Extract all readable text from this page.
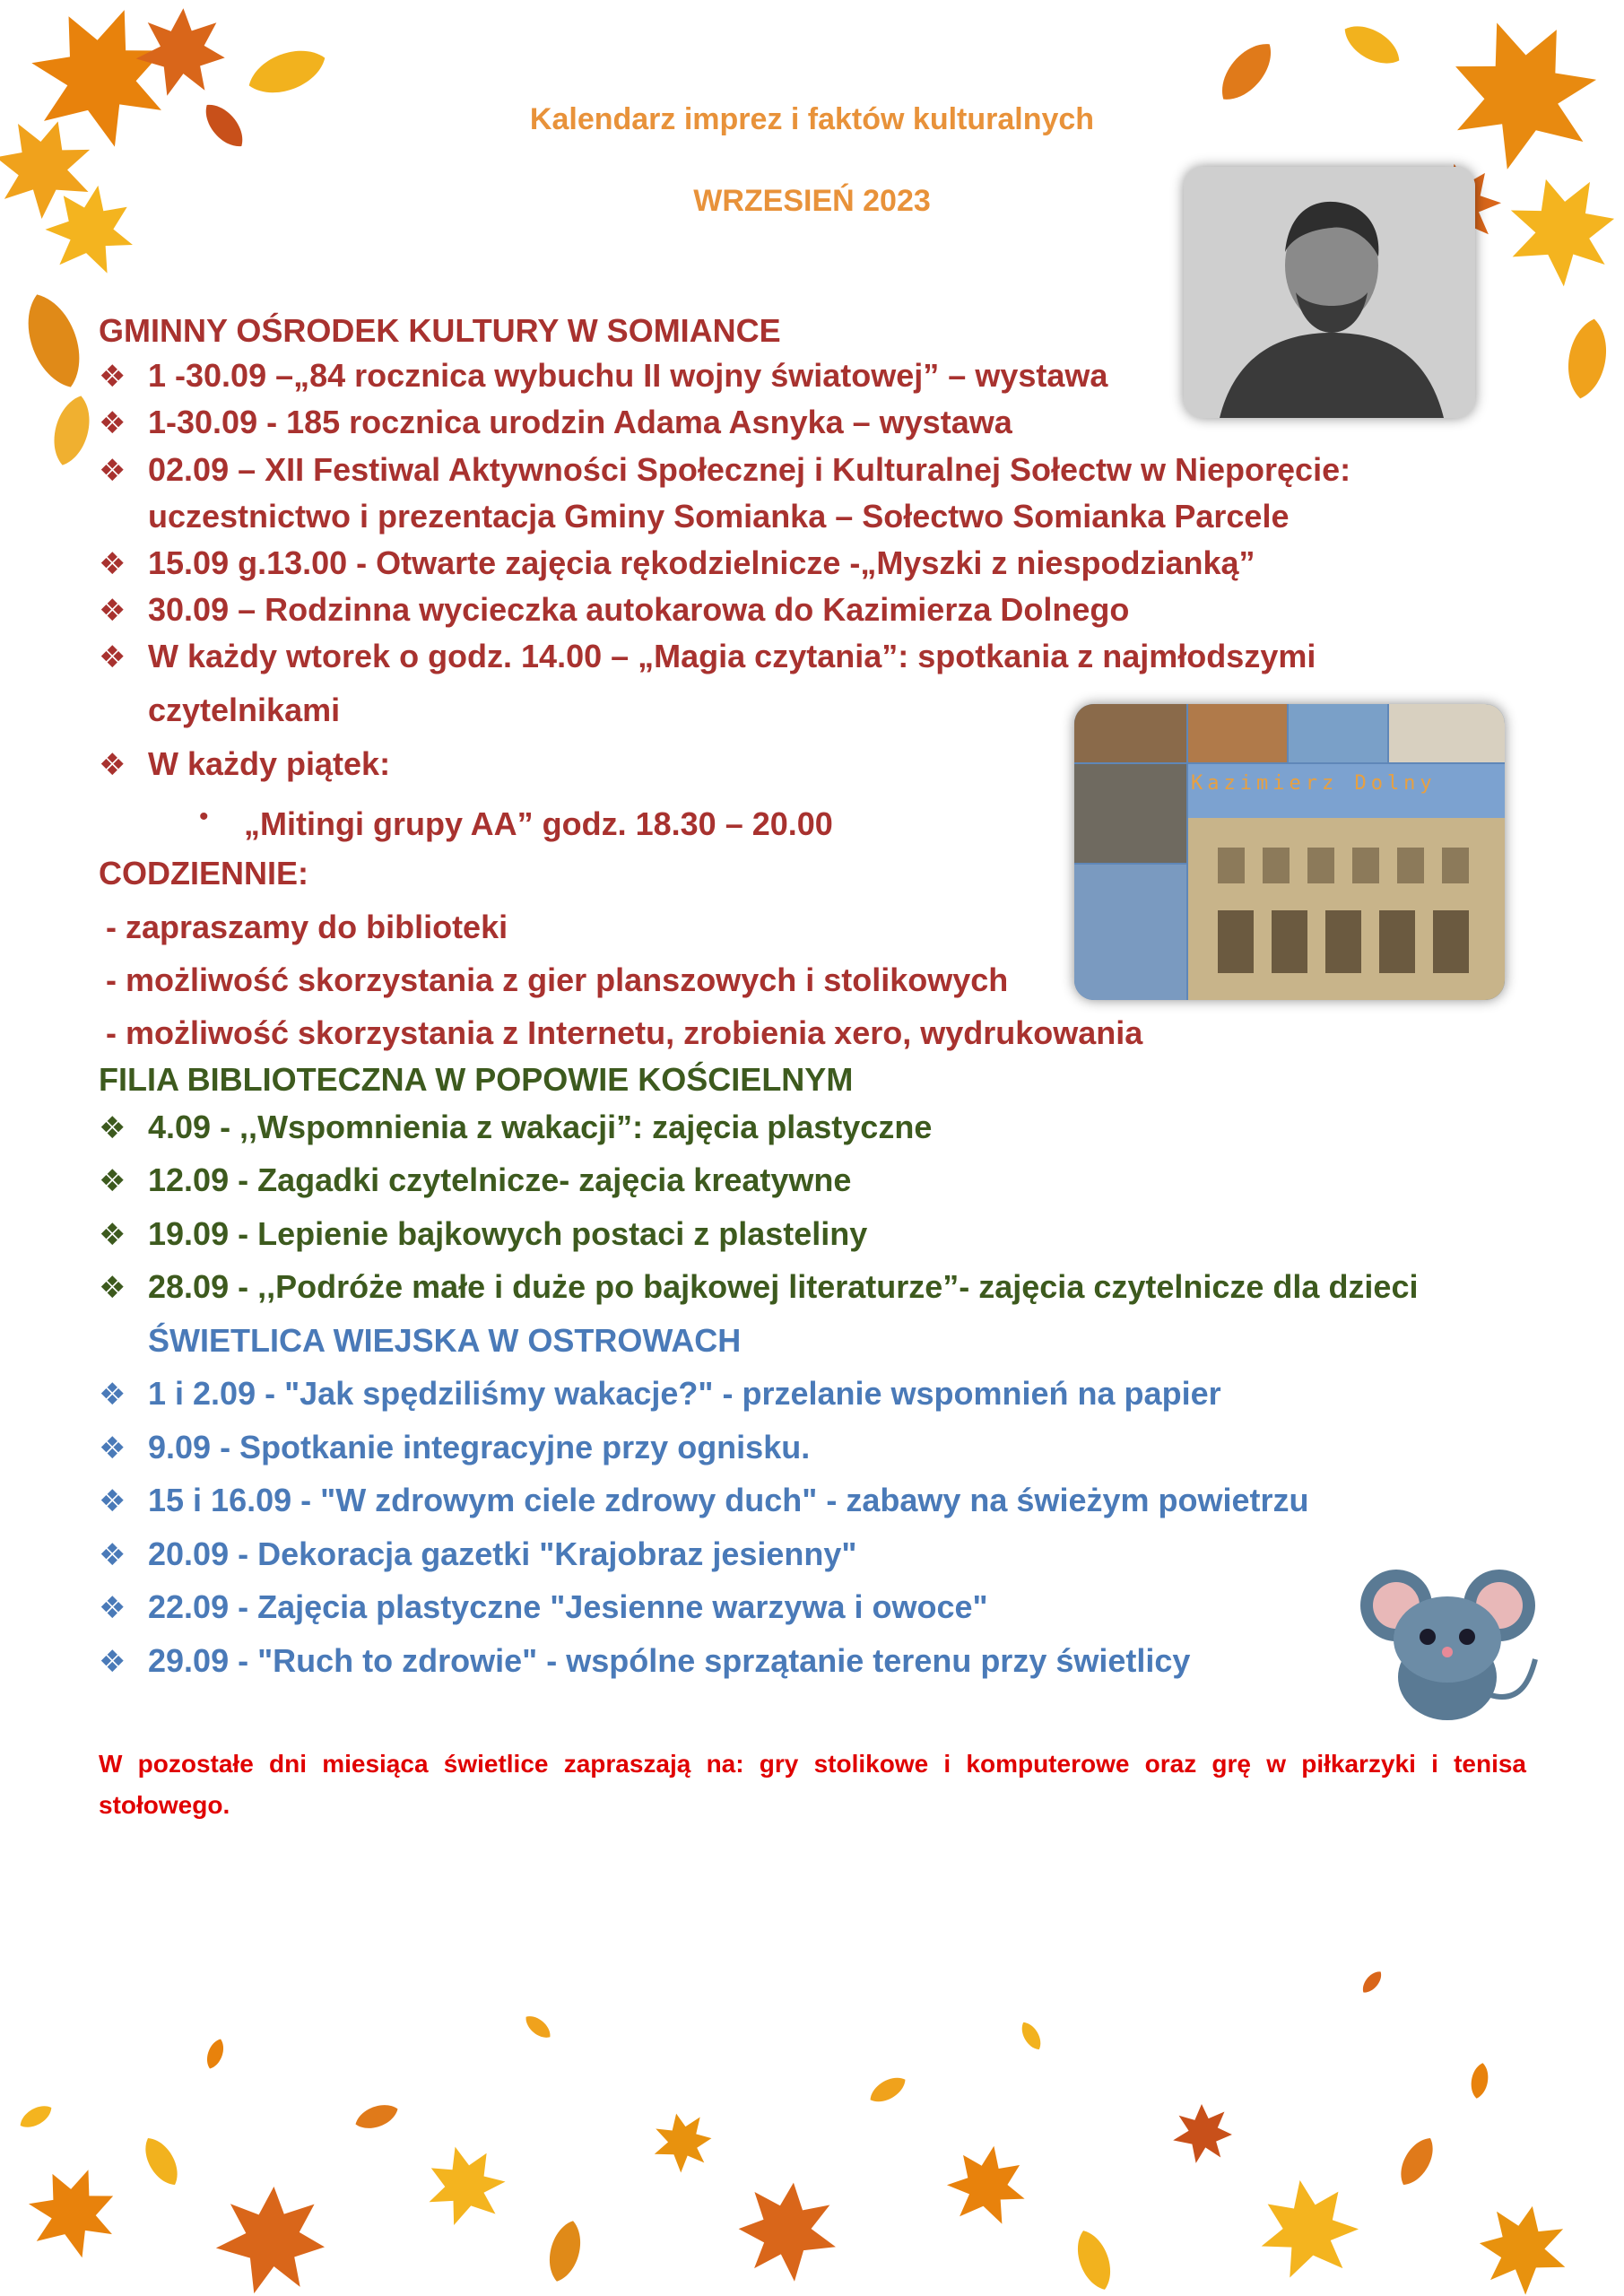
Kalendarz imprez i faktów kulturalnych
WRZESIEŃ 2023
Kazimierz Dolny
GMINNY OŚRODEK KULTURY W SOMIANCE
❖ 1 -30.09 –„84 rocznica wybuchu II wojny światowej” – wystawa
❖ 1-30.09 - 185 rocznica urodzin Adama Asnyka – wystawa
❖ 02.09 – XII Festiwal Aktywności Społecznej i Kulturalnej Sołectw w Nieporęcie:
uczestnictwo i prezentacja Gminy Somianka – Sołectwo Somianka Parcele
❖ 15.09 g.13.00 - Otwarte zajęcia rękodzielnicze -„Myszki z niespodzianką”
❖ 30.09 – Rodzinna wycieczka autokarowa do Kazimierza Dolnego
❖ W każdy wtorek o godz. 14.00 – „Magia czytania”: spotkania z najmłodszymi
czytelnikami
❖ W każdy piątek:
• „Mitingi grupy AA” godz. 18.30 – 20.00
CODZIENNIE:
- zapraszamy do biblioteki
- możliwość skorzystania z gier planszowych i stolikowych
- możliwość skorzystania z Internetu, zrobienia xero, wydrukowania
FILIA BIBLIOTECZNA W POPOWIE KOŚCIELNYM
❖ 4.09 - ,,Wspomnienia z wakacji”: zajęcia plastyczne
❖ 12.09 - Zagadki czytelnicze- zajęcia kreatywne
❖ 19.09 - Lepienie bajkowych postaci z plasteliny
❖ 28.09 - ,,Podróże małe i duże po bajkowej literaturze”- zajęcia czytelnicze dla dzieci
ŚWIETLICA WIEJSKA W OSTROWACH
❖ 1 i 2.09 - "Jak spędziliśmy wakacje?" - przelanie wspomnień na papier
❖ 9.09 - Spotkanie integracyjne przy ognisku.
❖ 15 i 16.09 - "W zdrowym ciele zdrowy duch" - zabawy na świeżym powietrzu
❖ 20.09 - Dekoracja gazetki "Krajobraz jesienny"
❖ 22.09 - Zajęcia plastyczne "Jesienne warzywa i owoce"
❖ 29.09 - "Ruch to zdrowie" - wspólne sprzątanie terenu przy świetlicy
W pozostałe dni miesiąca świetlice zapraszają na: gry stolikowe i komputerowe oraz grę w piłkarzyki i tenisa stołowego.
